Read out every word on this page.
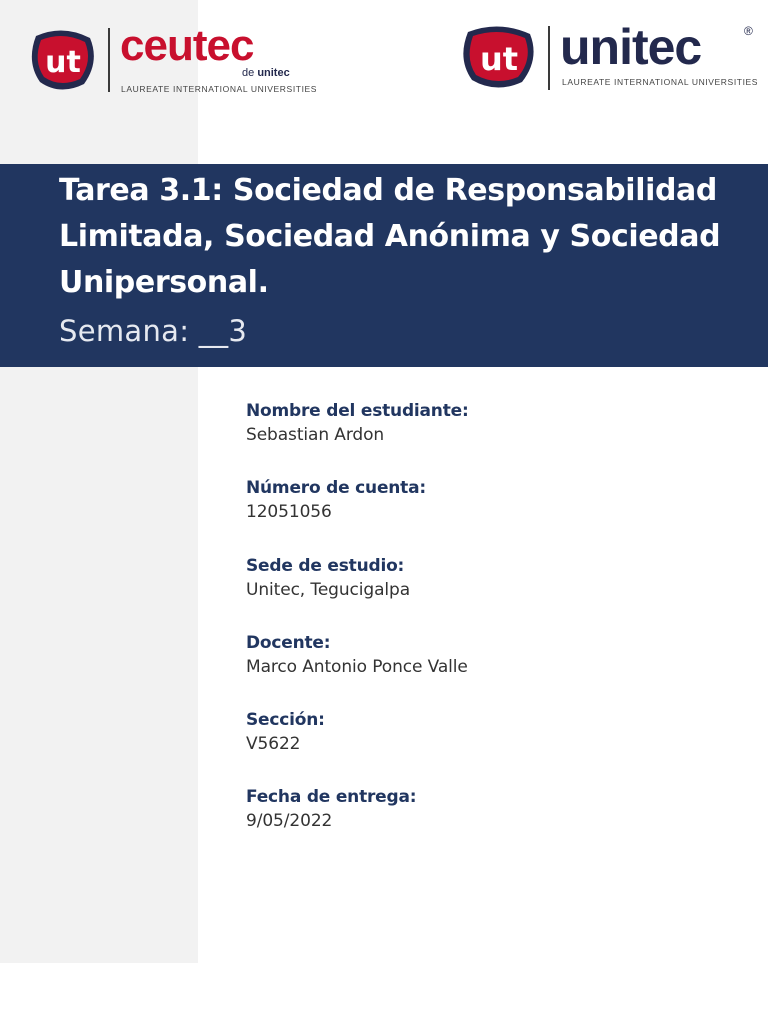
ut ceutec
de unitec
LAUREATE INTERNATIONAL UNIVERSITIES
ut unitec	®
LAUREATE INTERNATIONAL UNIVERSITIES
Tarea 3.1: Sociedad de Responsabilidad Limitada, Sociedad Anónima y Sociedad Unipersonal.
Semana: __3
Nombre del estudiante:
Sebastian Ardon
Número de cuenta:
12051056
Sede de estudio:
Unitec, Tegucigalpa
Docente:
Marco Antonio Ponce Valle
Sección:
V5622
Fecha de entrega:
9/05/2022
